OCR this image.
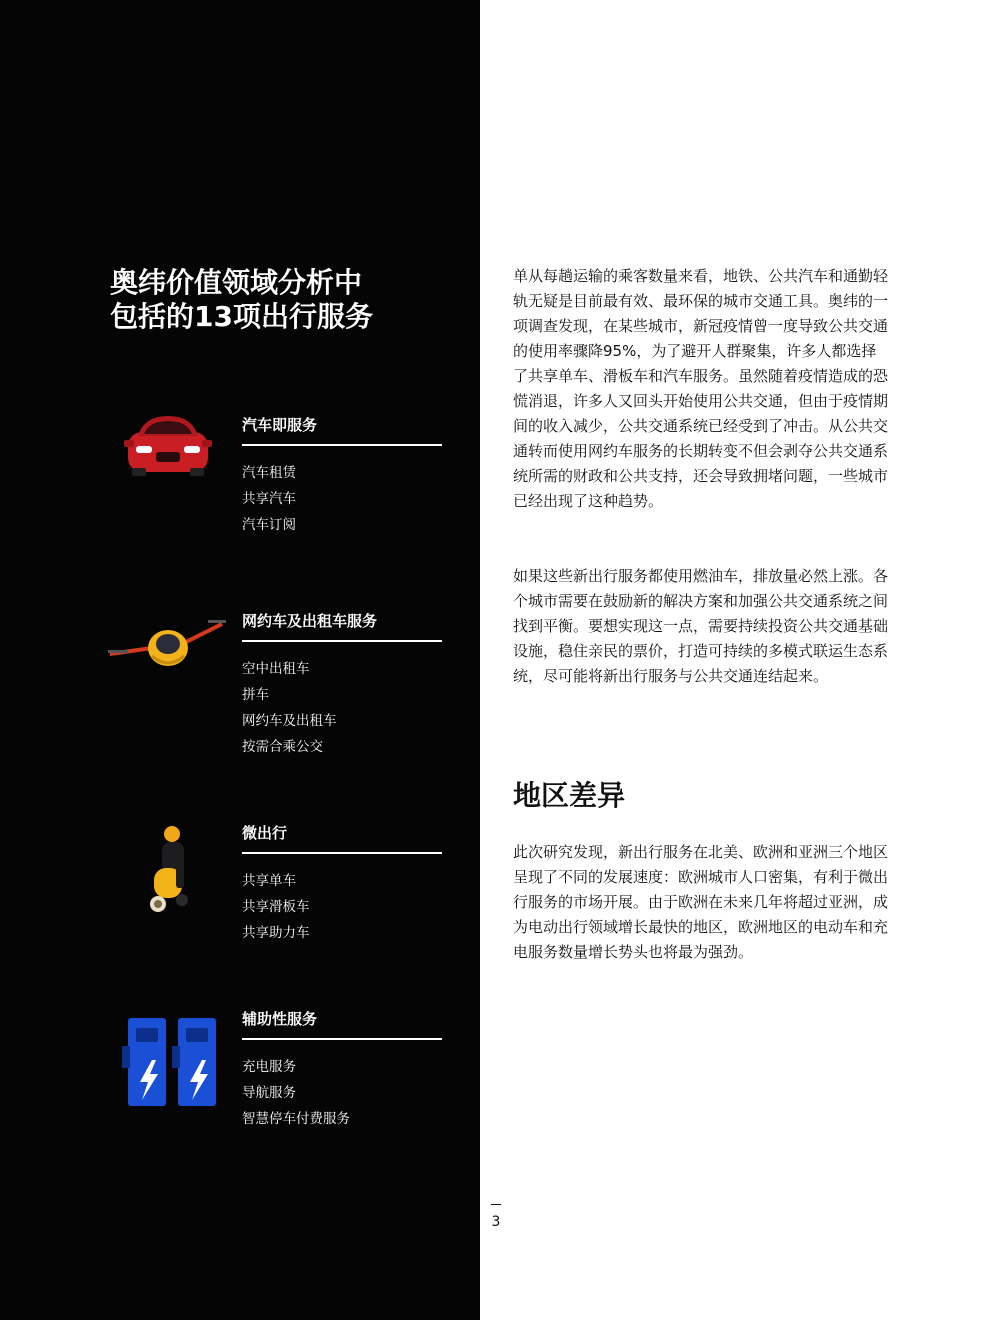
奥纬价值领域分析中
包括的13项出行服务
汽车即服务
汽车租赁
共享汽车
汽车订阅
网约车及出租车服务
空中出租车
拼车
网约车及出租车
按需合乘公交
微出行
共享单车
共享滑板车
共享助力车
辅助性服务
充电服务
导航服务
智慧停车付费服务

单从每趟运输的乘客数量来看，地铁、公共汽车和通勤轻轨无疑是目前最有效、最环保的城市交通工具。奥纬的一项调查发现，在某些城市，新冠疫情曾一度导致公共交通的使用率骤降95%，为了避开人群聚集，许多人都选择了共享单车、滑板车和汽车服务。虽然随着疫情造成的恐慌消退，许多人又回头开始使用公共交通，但由于疫情期间的收入减少，公共交通系统已经受到了冲击。从公共交通转而使用网约车服务的长期转变不但会剥夺公共交通系统所需的财政和公共支持，还会导致拥堵问题，一些城市已经出现了这种趋势。

如果这些新出行服务都使用燃油车，排放量必然上涨。各个城市需要在鼓励新的解决方案和加强公共交通系统之间找到平衡。要想实现这一点，需要持续投资公共交通基础设施，稳住亲民的票价，打造可持续的多模式联运生态系统，尽可能将新出行服务与公共交通连结起来。

地区差异

此次研究发现，新出行服务在北美、欧洲和亚洲三个地区呈现了不同的发展速度：欧洲城市人口密集，有利于微出行服务的市场开展。由于欧洲在未来几年将超过亚洲，成为电动出行领域增长最快的地区，欧洲地区的电动车和充电服务数量增长势头也将最为强劲。

3
